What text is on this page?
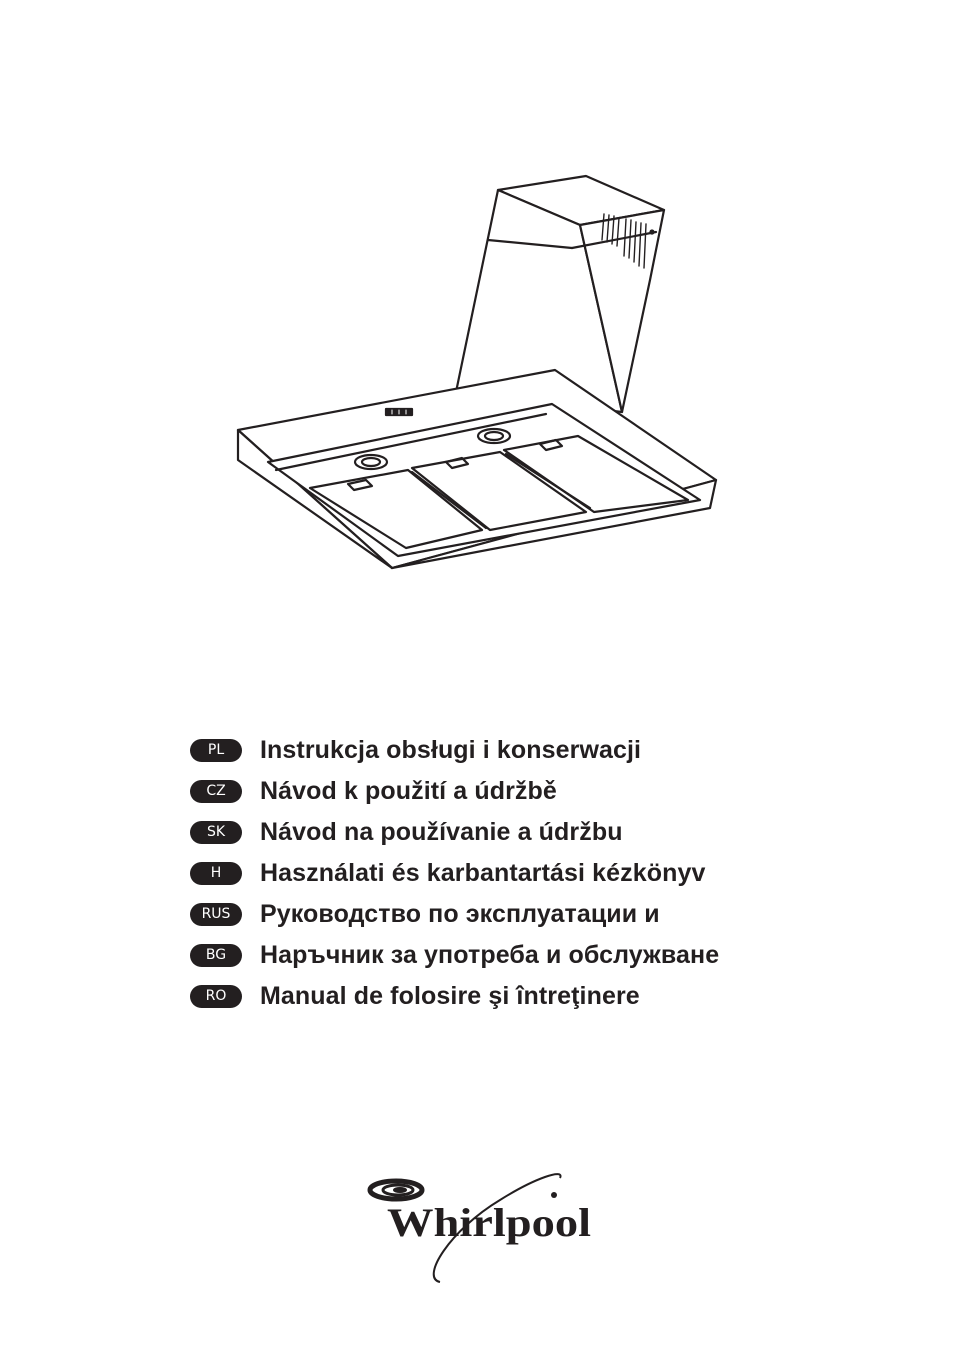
PL	Instrukcja obsługi i konserwacji
CZ	Návod k použití a údržbě
SK	Návod na používanie a údržbu
H	Használati és karbantartási kézkönyv
RUS	Руководство по эксплуатации и
BG	Наръчник за употреба и обслужване
RO	Manual de folosire şi întreţinere
Whirlpool
